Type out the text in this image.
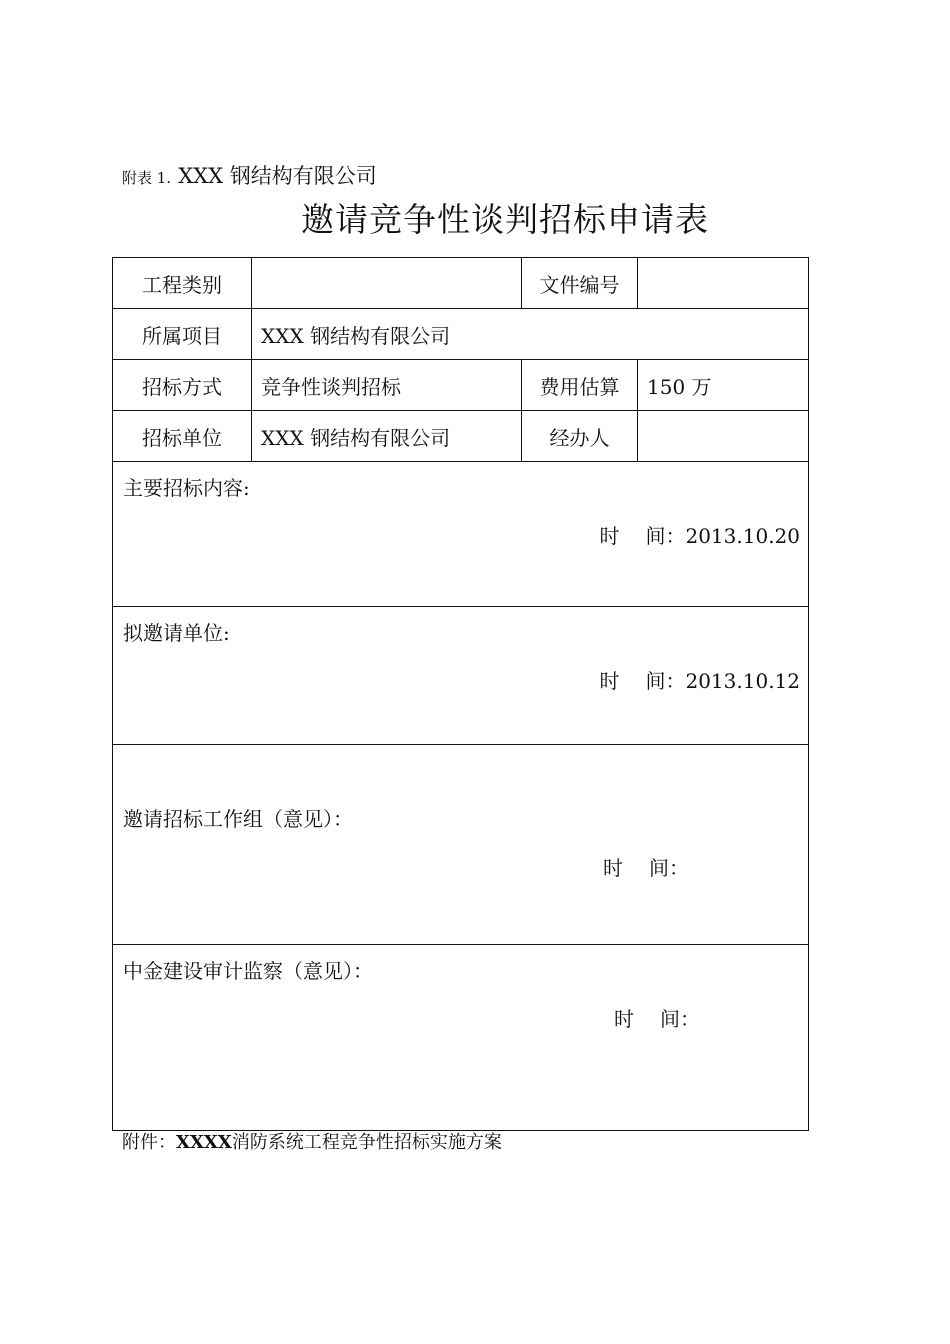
附表 1. XXX 钢结构有限公司
邀请竞争性谈判招标申请表
工程类别		文件编号	
所属项目	XXX 钢结构有限公司		
招标方式	竞争性谈判招标	费用估算	150 万
招标单位	XXX 钢结构有限公司	经办人	

主要招标内容:
时 间：2013.10.20			

拟邀请单位:
时 间：2013.10.12			

邀请招标工作组（意见）：
时 间：			

中金建设审计监察（意见）：
时 间：			
附件：XXXX消防系统工程竞争性招标实施方案
